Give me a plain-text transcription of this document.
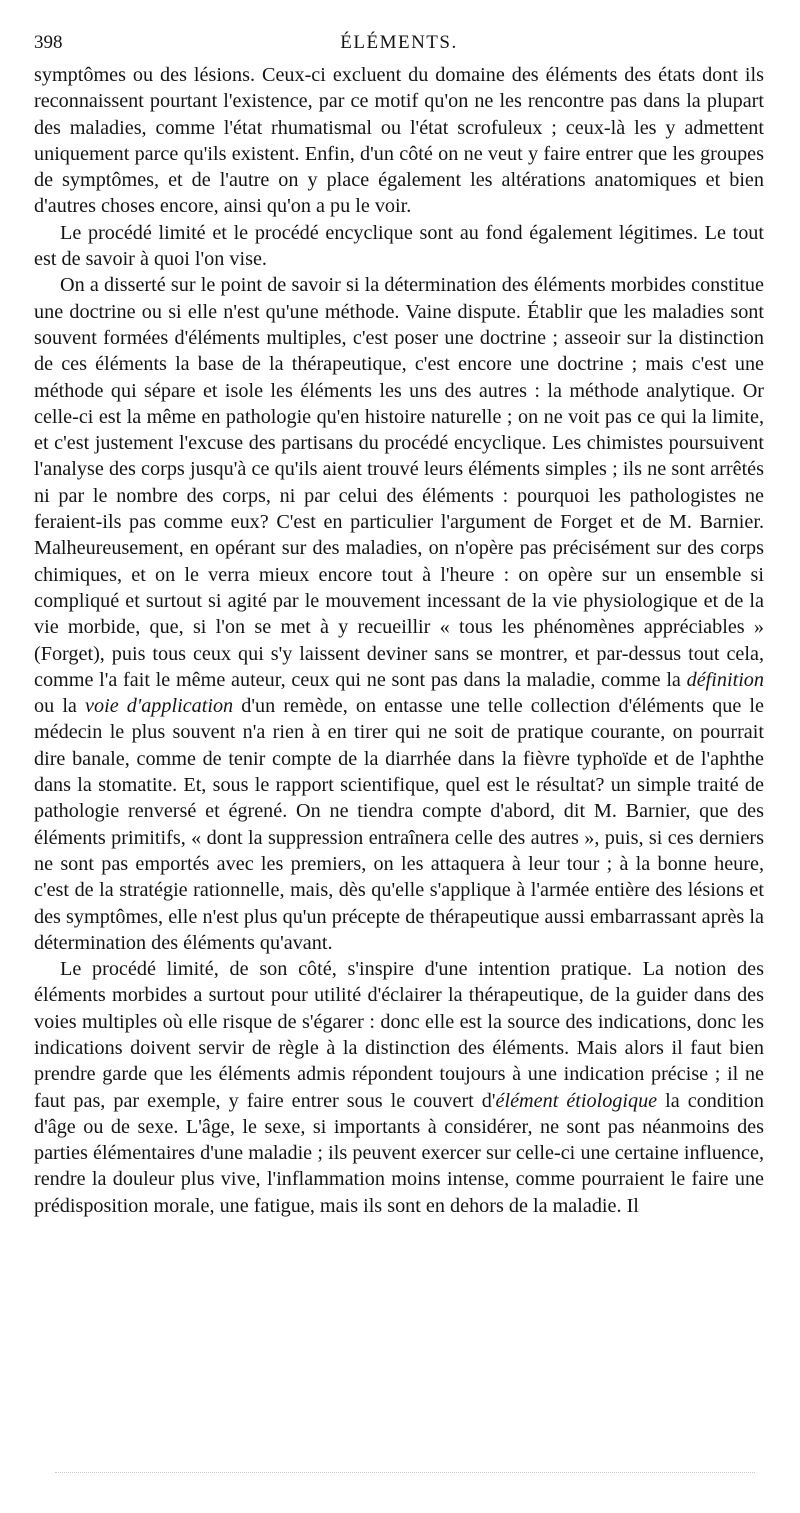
398	ÉLÉMENTS.

symptômes ou des lésions. Ceux-ci excluent du domaine des éléments des états dont ils reconnaissent pourtant l'existence, par ce motif qu'on ne les rencontre pas dans la plupart des maladies, comme l'état rhumatismal ou l'état scrofuleux ; ceux-là les y admettent uniquement parce qu'ils existent. Enfin, d'un côté on ne veut y faire entrer que les groupes de symptômes, et de l'autre on y place également les altérations anatomiques et bien d'autres choses encore, ainsi qu'on a pu le voir.

Le procédé limité et le procédé encyclique sont au fond également légitimes. Le tout est de savoir à quoi l'on vise.

On a disserté sur le point de savoir si la détermination des éléments morbides constitue une doctrine ou si elle n'est qu'une méthode. Vaine dispute. Établir que les maladies sont souvent formées d'éléments multiples, c'est poser une doctrine ; asseoir sur la distinction de ces éléments la base de la thérapeutique, c'est encore une doctrine ; mais c'est une méthode qui sépare et isole les éléments les uns des autres : la méthode analytique. Or celle-ci est la même en pathologie qu'en histoire naturelle ; on ne voit pas ce qui la limite, et c'est justement l'excuse des partisans du procédé encyclique. Les chimistes poursuivent l'analyse des corps jusqu'à ce qu'ils aient trouvé leurs éléments simples ; ils ne sont arrêtés ni par le nombre des corps, ni par celui des éléments : pourquoi les pathologistes ne feraient-ils pas comme eux? C'est en particulier l'argument de Forget et de M. Barnier. Malheureusement, en opérant sur des maladies, on n'opère pas précisément sur des corps chimiques, et on le verra mieux encore tout à l'heure : on opère sur un ensemble si compliqué et surtout si agité par le mouvement incessant de la vie physiologique et de la vie morbide, que, si l'on se met à y recueillir « tous les phénomènes appréciables » (Forget), puis tous ceux qui s'y laissent deviner sans se montrer, et par-dessus tout cela, comme l'a fait le même auteur, ceux qui ne sont pas dans la maladie, comme la définition ou la voie d'application d'un remède, on entasse une telle collection d'éléments que le médecin le plus souvent n'a rien à en tirer qui ne soit de pratique courante, on pourrait dire banale, comme de tenir compte de la diarrhée dans la fièvre typhoïde et de l'aphthe dans la stomatite. Et, sous le rapport scientifique, quel est le résultat? un simple traité de pathologie renversé et égrené. On ne tiendra compte d'abord, dit M. Barnier, que des éléments primitifs, « dont la suppression entraînera celle des autres », puis, si ces derniers ne sont pas emportés avec les premiers, on les attaquera à leur tour ; à la bonne heure, c'est de la stratégie rationnelle, mais, dès qu'elle s'applique à l'armée entière des lésions et des symptômes, elle n'est plus qu'un précepte de thérapeutique aussi embarrassant après la détermination des éléments qu'avant.

Le procédé limité, de son côté, s'inspire d'une intention pratique. La notion des éléments morbides a surtout pour utilité d'éclairer la thérapeutique, de la guider dans des voies multiples où elle risque de s'égarer : donc elle est la source des indications, donc les indications doivent servir de règle à la distinction des éléments. Mais alors il faut bien prendre garde que les éléments admis répondent toujours à une indication précise ; il ne faut pas, par exemple, y faire entrer sous le couvert d'élément étiologique la condition d'âge ou de sexe. L'âge, le sexe, si importants à considérer, ne sont pas néanmoins des parties élémentaires d'une maladie ; ils peuvent exercer sur celle-ci une certaine influence, rendre la douleur plus vive, l'inflammation moins intense, comme pourraient le faire une prédisposition morale, une fatigue, mais ils sont en dehors de la maladie. Il
